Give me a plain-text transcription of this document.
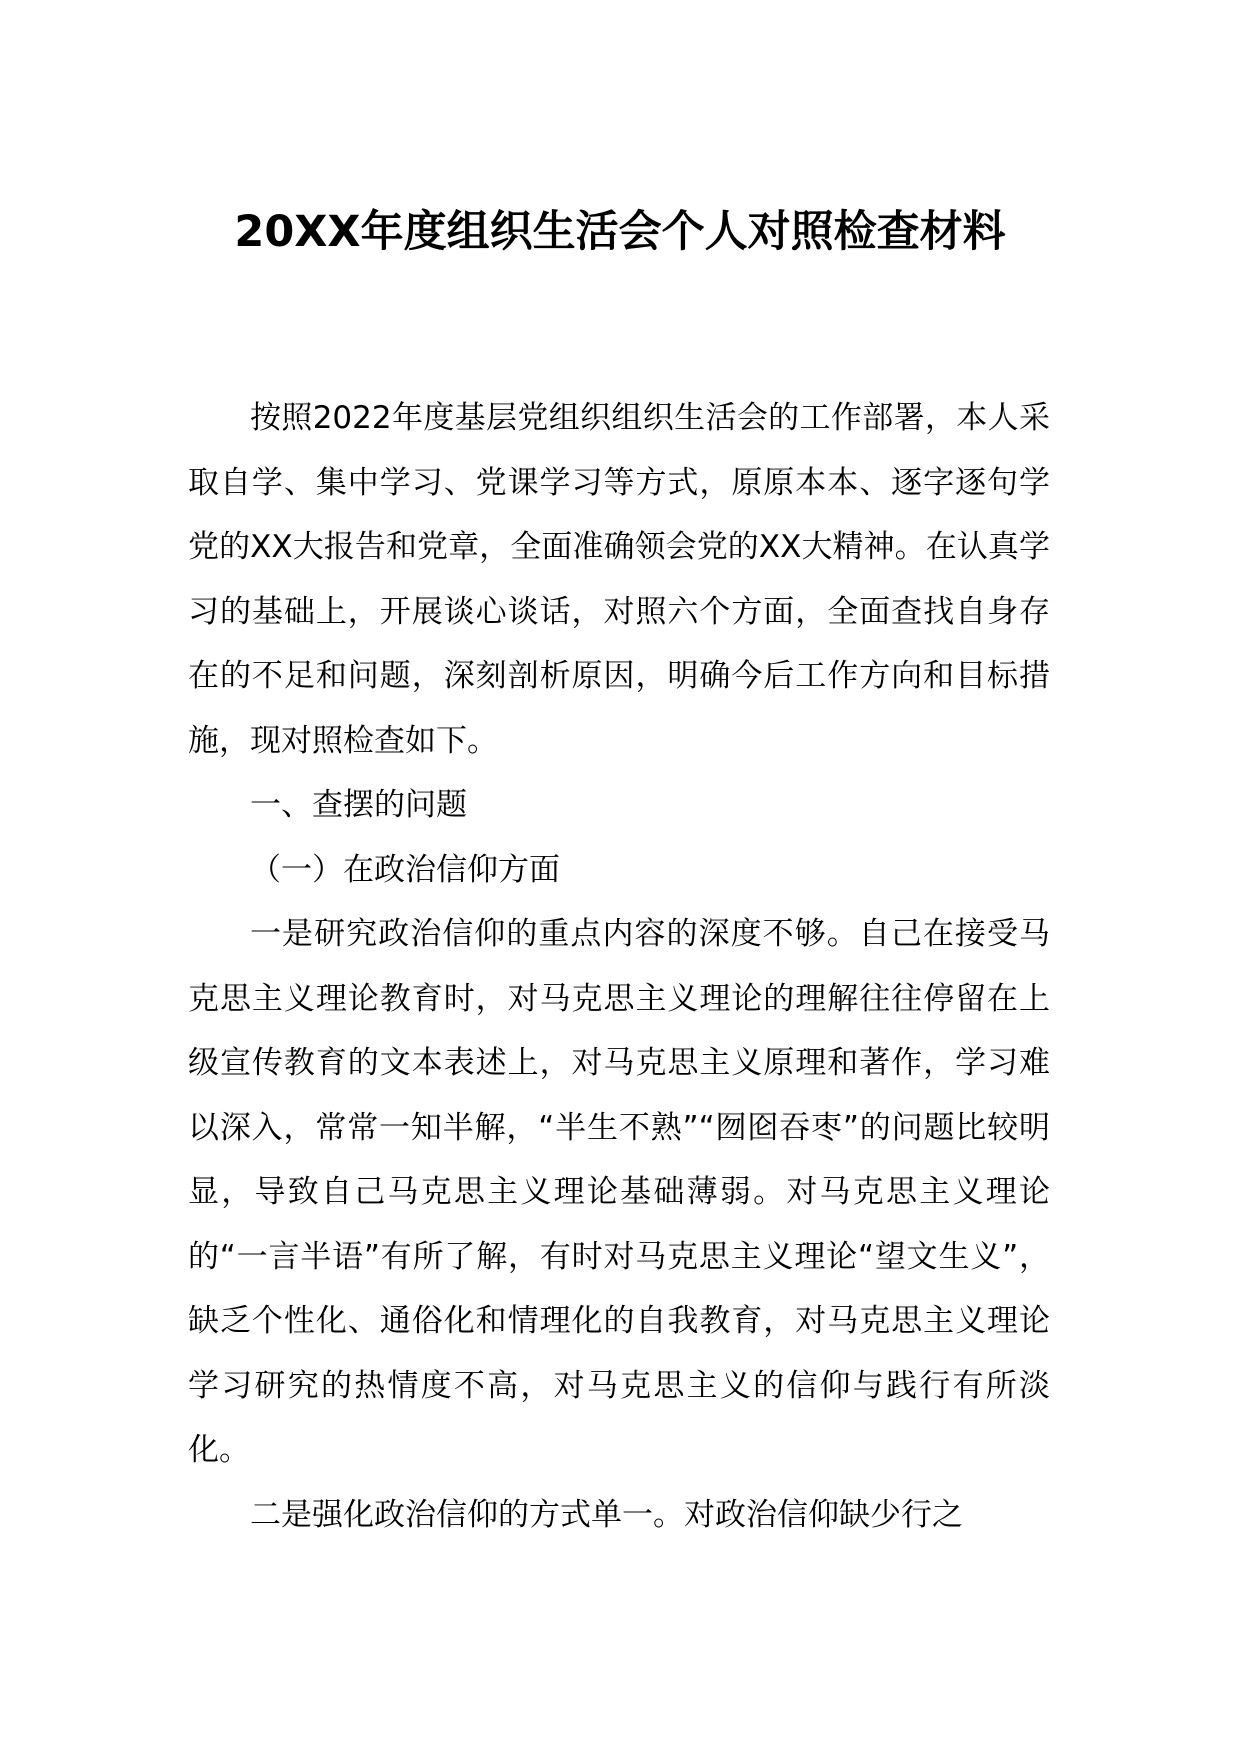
20XX年度组织生活会个人对照检查材料

按照2022年度基层党组织组织生活会的工作部署，本人采取自学、集中学习、党课学习等方式，原原本本、逐字逐句学党的XX大报告和党章，全面准确领会党的XX大精神。在认真学习的基础上，开展谈心谈话，对照六个方面，全面查找自身存在的不足和问题，深刻剖析原因，明确今后工作方向和目标措施，现对照检查如下。

一、查摆的问题

（一）在政治信仰方面

一是研究政治信仰的重点内容的深度不够。自己在接受马克思主义理论教育时，对马克思主义理论的理解往往停留在上级宣传教育的文本表述上，对马克思主义原理和著作，学习难以深入，常常一知半解，“半生不熟”“囫囵吞枣”的问题比较明显，导致自己马克思主义理论基础薄弱。对马克思主义理论的“一言半语”有所了解，有时对马克思主义理论“望文生义”，缺乏个性化、通俗化和情理化的自我教育，对马克思主义理论学习研究的热情度不高，对马克思主义的信仰与践行有所淡化。

二是强化政治信仰的方式单一。对政治信仰缺少行之
